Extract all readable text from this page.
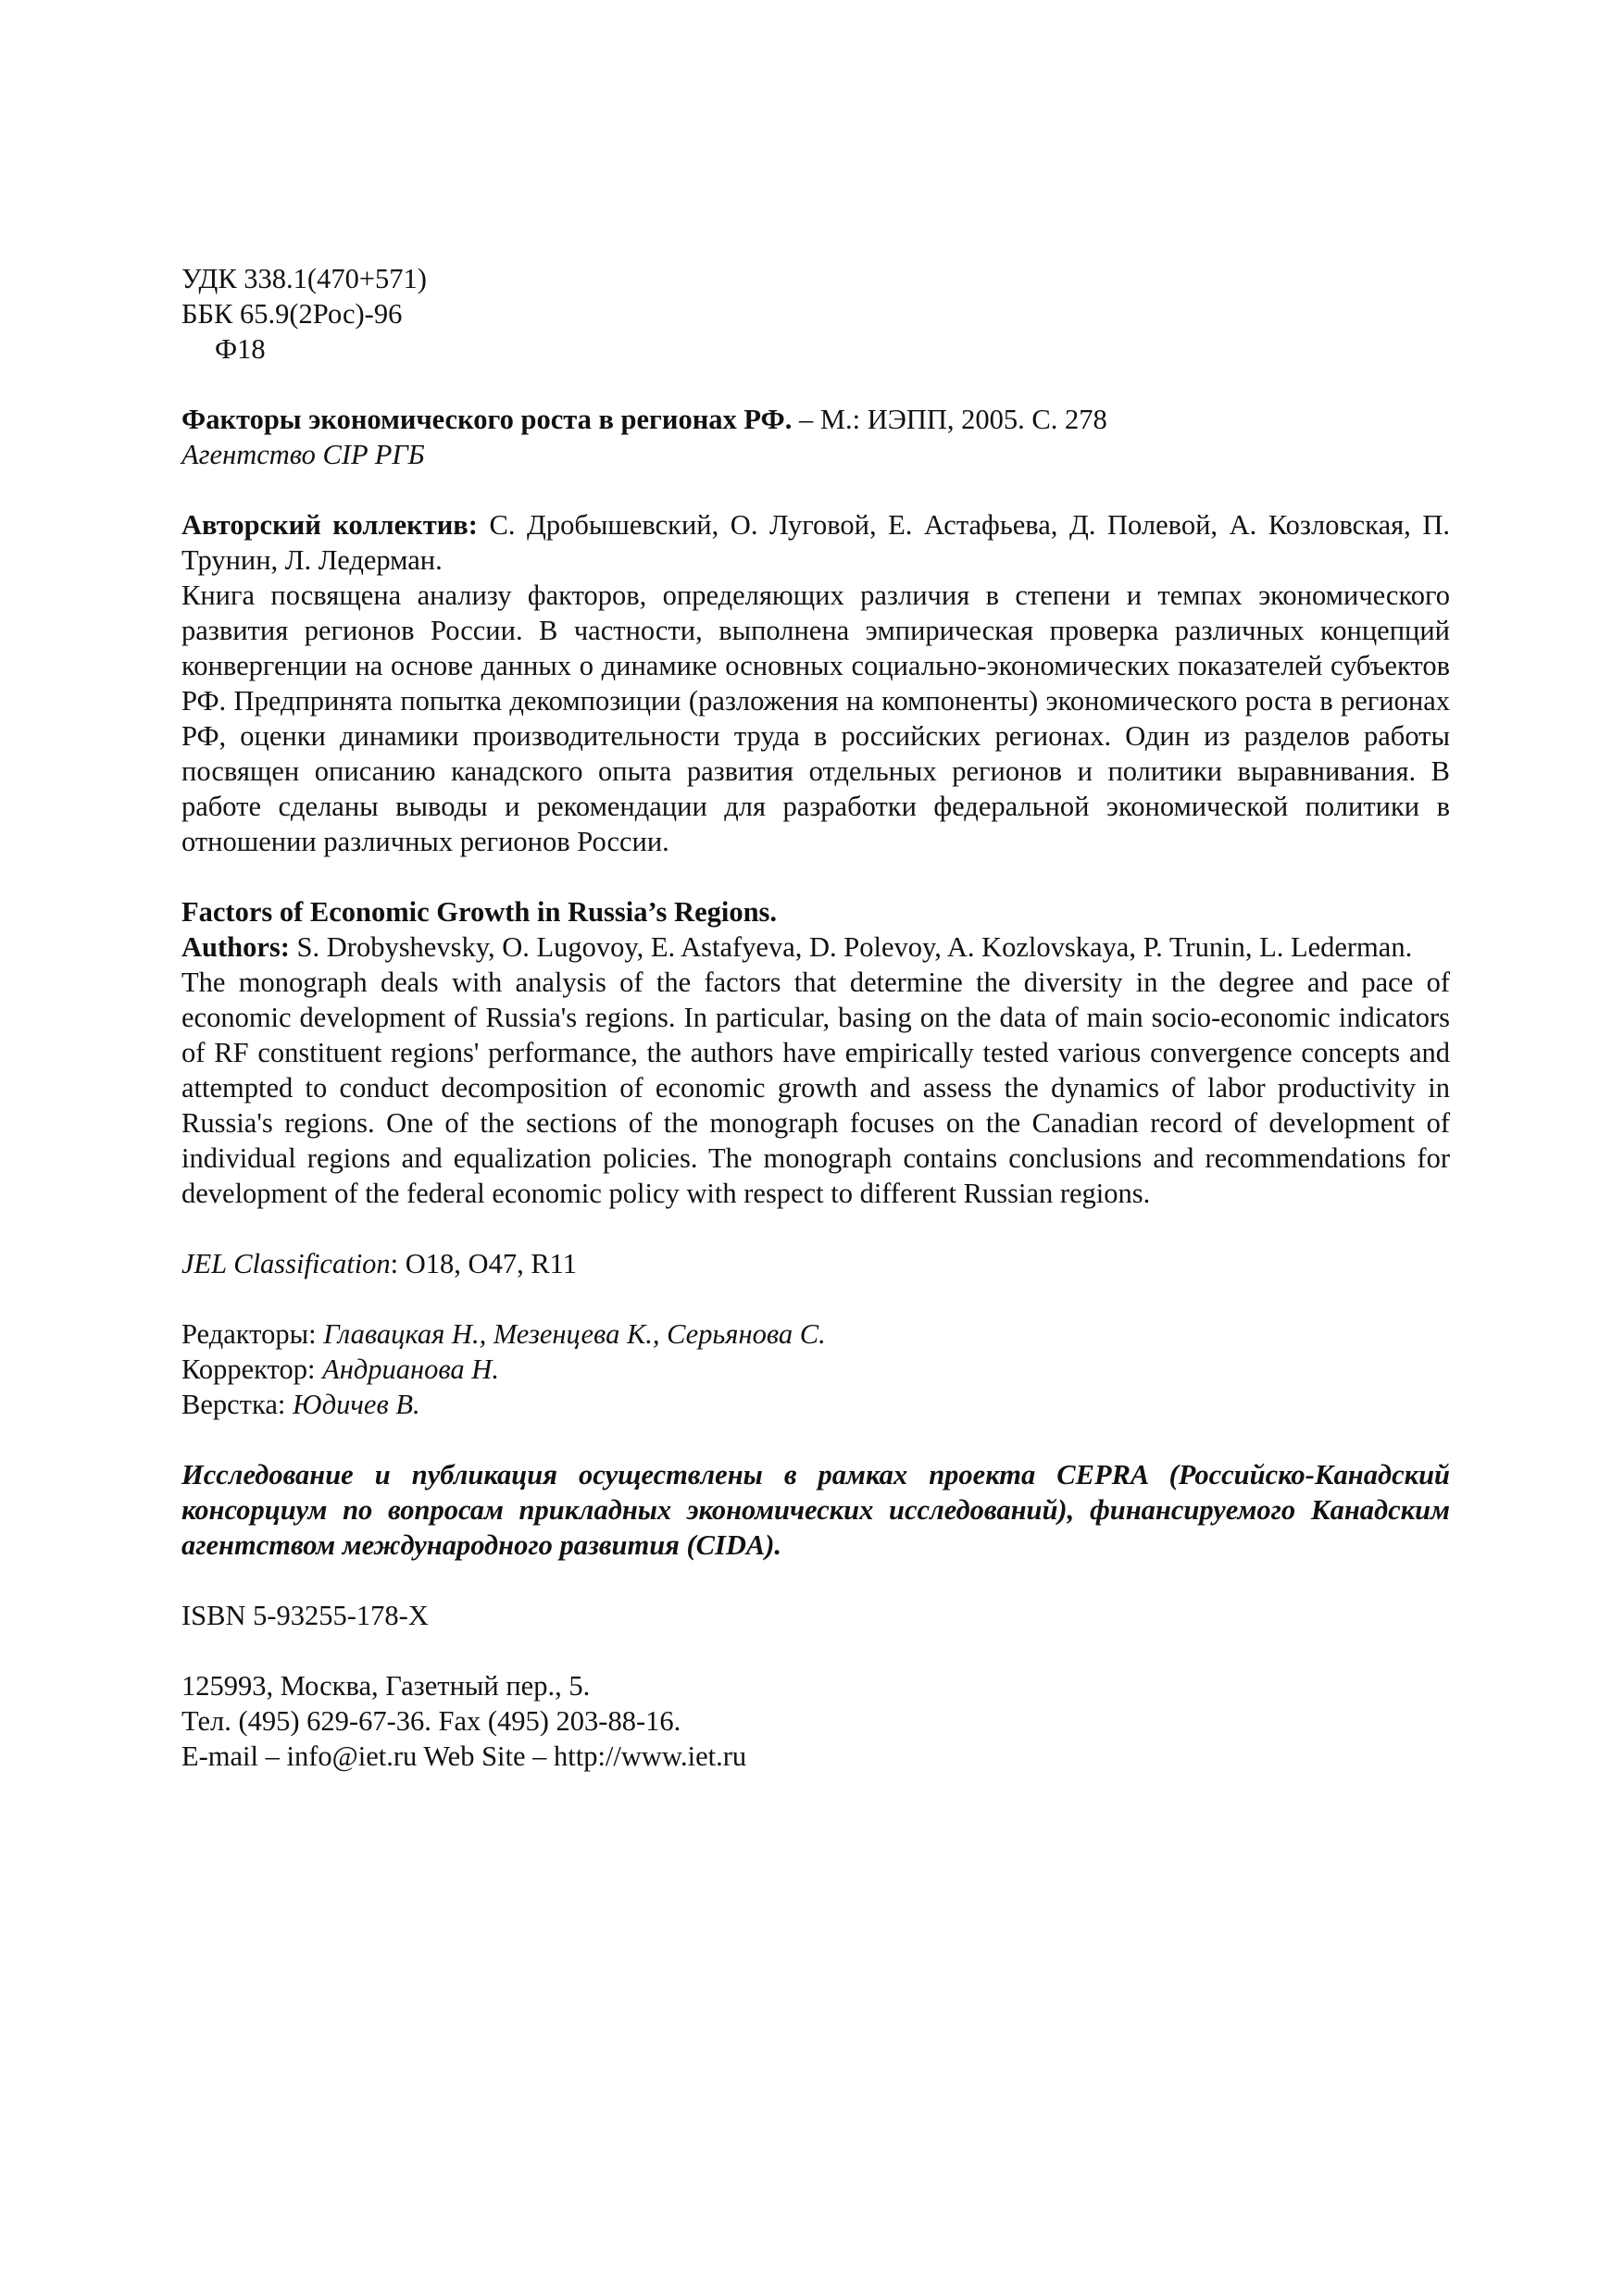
УДК 338.1(470+571)
ББК 65.9(2Рос)-96
Ф18
Факторы экономического роста в регионах РФ. – М.: ИЭПП, 2005. С. 278
Агентство CIP РГБ

Авторский коллектив: С. Дробышевский, О. Луговой, Е. Астафьева, Д. Полевой, А. Козловская, П. Трунин, Л. Ледерман.

Книга посвящена анализу факторов, определяющих различия в степени и темпах экономического развития регионов России. В частности, выполнена эмпирическая проверка различных концепций конвергенции на основе данных о динамике основных социально-экономических показателей субъектов РФ. Предпринята попытка декомпозиции (разложения на компоненты) экономического роста в регионах РФ, оценки динамики производительности труда в российских регионах. Один из разделов работы посвящен описанию канадского опыта развития отдельных регионов и политики выравнивания. В работе сделаны выводы и рекомендации для разработки федеральной экономической политики в отношении различных регионов России.

Factors of Economic Growth in Russia’s Regions.

Authors: S. Drobyshevsky, O. Lugovoy, E. Astafyeva, D. Polevoy, A. Kozlovskaya, P. Trunin, L. Lederman.

The monograph deals with analysis of the factors that determine the diversity in the degree and pace of economic development of Russia's regions. In particular, basing on the data of main socio-economic indicators of RF constituent regions' performance, the authors have empirically tested various convergence concepts and attempted to conduct decomposition of economic growth and assess the dynamics of labor productivity in Russia's regions. One of the sections of the monograph focuses on the Canadian record of development of individual regions and equalization policies. The monograph contains conclusions and recommendations for development of the federal economic policy with respect to different Russian regions.

JEL Classification: O18, O47, R11
Редакторы: Главацкая Н., Мезенцева К., Серьянова С.
Корректор: Андрианова Н.
Верстка: Юдичев В.

Исследование и публикация осуществлены в рамках проекта CEPRA (Российско-Канадский консорциум по вопросам прикладных экономических исследований), финансируемого Канадским агентством международного развития (CIDA).

ISBN 5-93255-178-X
125993, Москва, Газетный пер., 5.
Тел. (495) 629-67-36. Fax (495) 203-88-16.
E-mail – info@iet.ru Web Site – http://www.iet.ru
